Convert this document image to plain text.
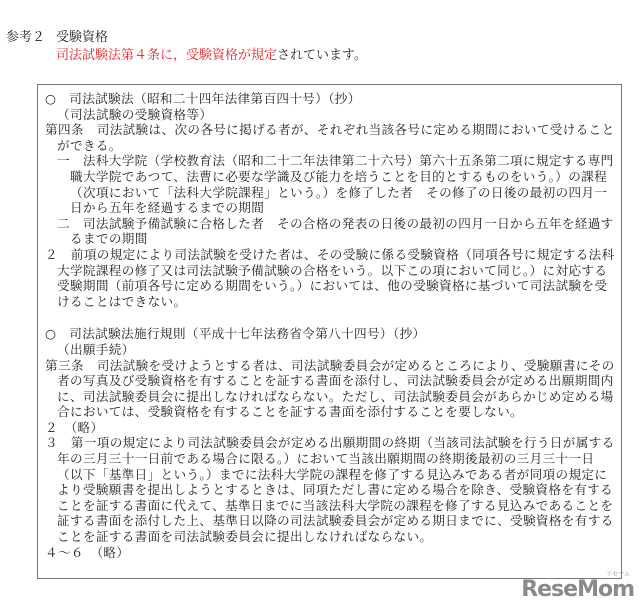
参考２ 受験資格
司法試験法第４条に，受験資格が規定されています。
○　司法試験法（昭和二十四年法律第百四十号）（抄）
（司法試験の受験資格等）
第四条　司法試験は、次の各号に掲げる者が、それぞれ当該各号に定める期間において受けること
ができる。
一　法科大学院（学校教育法（昭和二十二年法律第二十六号）第六十五条第二項に規定する専門
職大学院であつて、法曹に必要な学識及び能力を培うことを目的とするものをいう。）の課程
（次項において「法科大学院課程」という。）を修了した者　その修了の日後の最初の四月一
日から五年を経過するまでの期間
二　司法試験予備試験に合格した者　その合格の発表の日後の最初の四月一日から五年を経過す
るまでの期間
２　前項の規定により司法試験を受けた者は、その受験に係る受験資格（同項各号に規定する法科
大学院課程の修了又は司法試験予備試験の合格をいう。以下この項において同じ。）に対応する
受験期間（前項各号に定める期間をいう。）においては、他の受験資格に基づいて司法試験を受
けることはできない。
○　司法試験法施行規則（平成十七年法務省令第八十四号）（抄）
（出願手続）
第三条　司法試験を受けようとする者は、司法試験委員会が定めるところにより、受験願書にその
者の写真及び受験資格を有することを証する書面を添付し、司法試験委員会が定める出願期間内
に、司法試験委員会に提出しなければならない。ただし、司法試験委員会があらかじめ定める場
合においては、受験資格を有することを証する書面を添付することを要しない。
２　（略）
３　第一項の規定により司法試験委員会が定める出願期間の終期（当該司法試験を行う日が属する
年の三月三十一日前である場合に限る。）において当該出願期間の終期後最初の三月三十一日
（以下「基準日」という。）までに法科大学院の課程を修了する見込みである者が同項の規定に
より受験願書を提出しようとするときは、同項ただし書に定める場合を除き、受験資格を有する
ことを証する書面に代えて、基準日までに当該法科大学院の課程を修了する見込みであることを
証する書面を添付した上、基準日以降の司法試験委員会が定める期日までに、受験資格を有する
ことを証する書面を司法試験委員会に提出しなければならない。
４〜６　（略）
リセマム
ReseMom
